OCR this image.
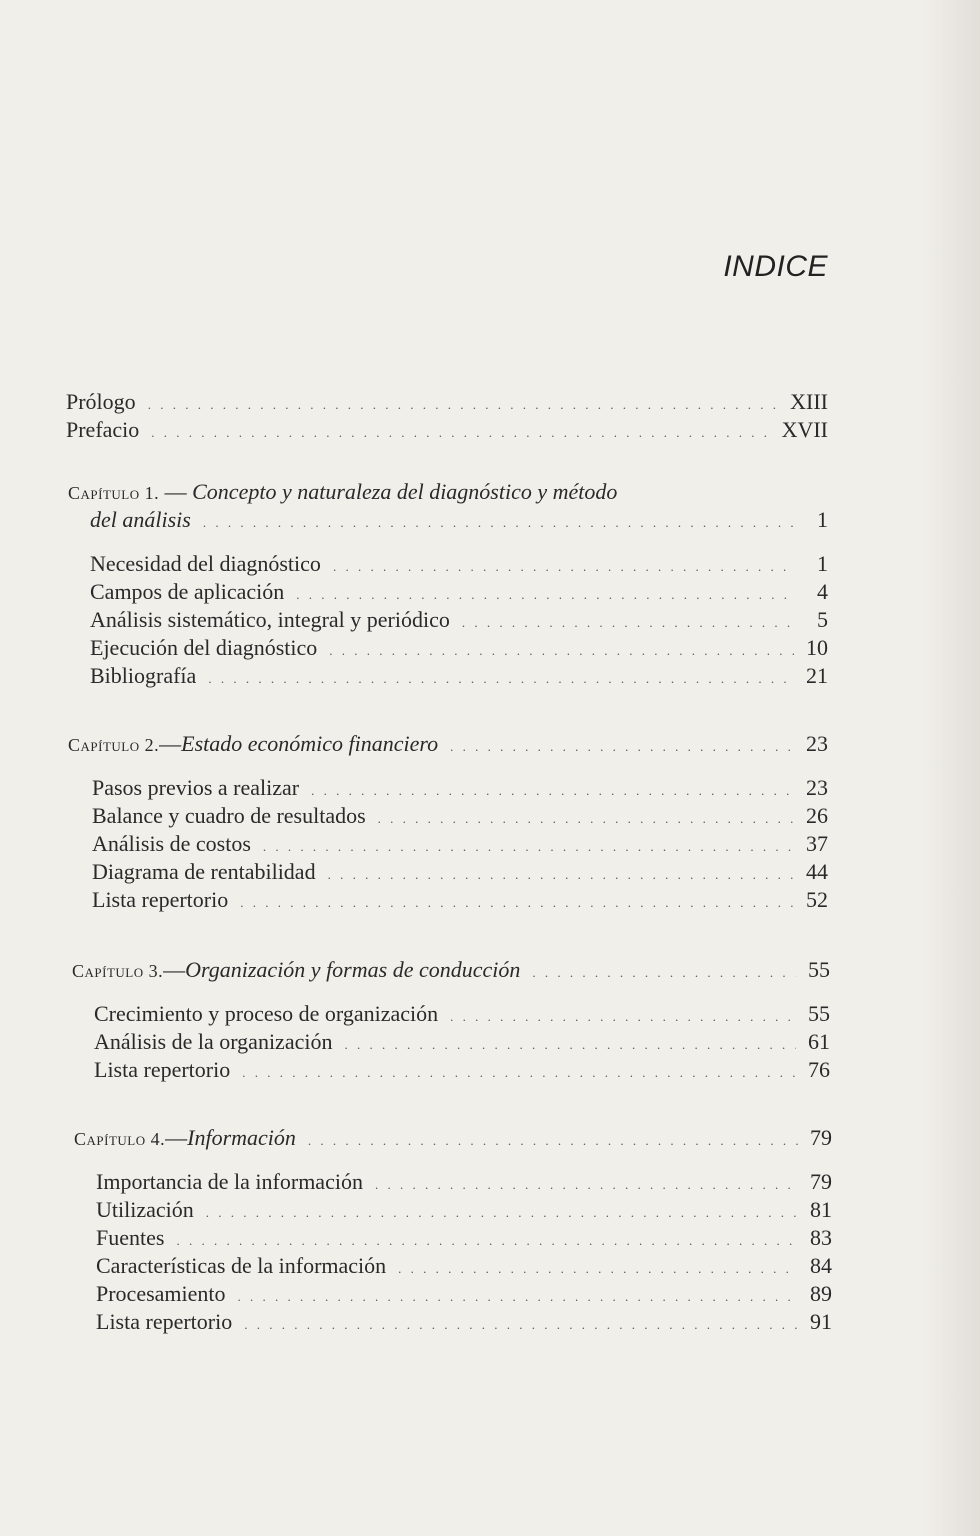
INDICE
Prólogo . . .	XIII
Prefacio . . .	XVII
Capítulo 1. — Concepto y naturaleza del diagnóstico y método
del análisis . . .	1
Necesidad del diagnóstico . . .	1
Campos de aplicación . . .	4
Análisis sistemático, integral y periódico . . .	5
Ejecución del diagnóstico . . .	10
Bibliografía . . .	21
Capítulo 2. — Estado económico financiero . . .	23
Pasos previos a realizar . . .	23
Balance y cuadro de resultados . . .	26
Análisis de costos . . .	37
Diagrama de rentabilidad . . .	44
Lista repertorio . . .	52
Capítulo 3. — Organización y formas de conducción . . .	55
Crecimiento y proceso de organización . . .	55
Análisis de la organización . . .	61
Lista repertorio . . .	76
Capítulo 4. — Información . . .	79
Importancia de la información . . .	79
Utilización . . .	81
Fuentes . . .	83
Características de la información . . .	84
Procesamiento . . .	89
Lista repertorio . . .	91
